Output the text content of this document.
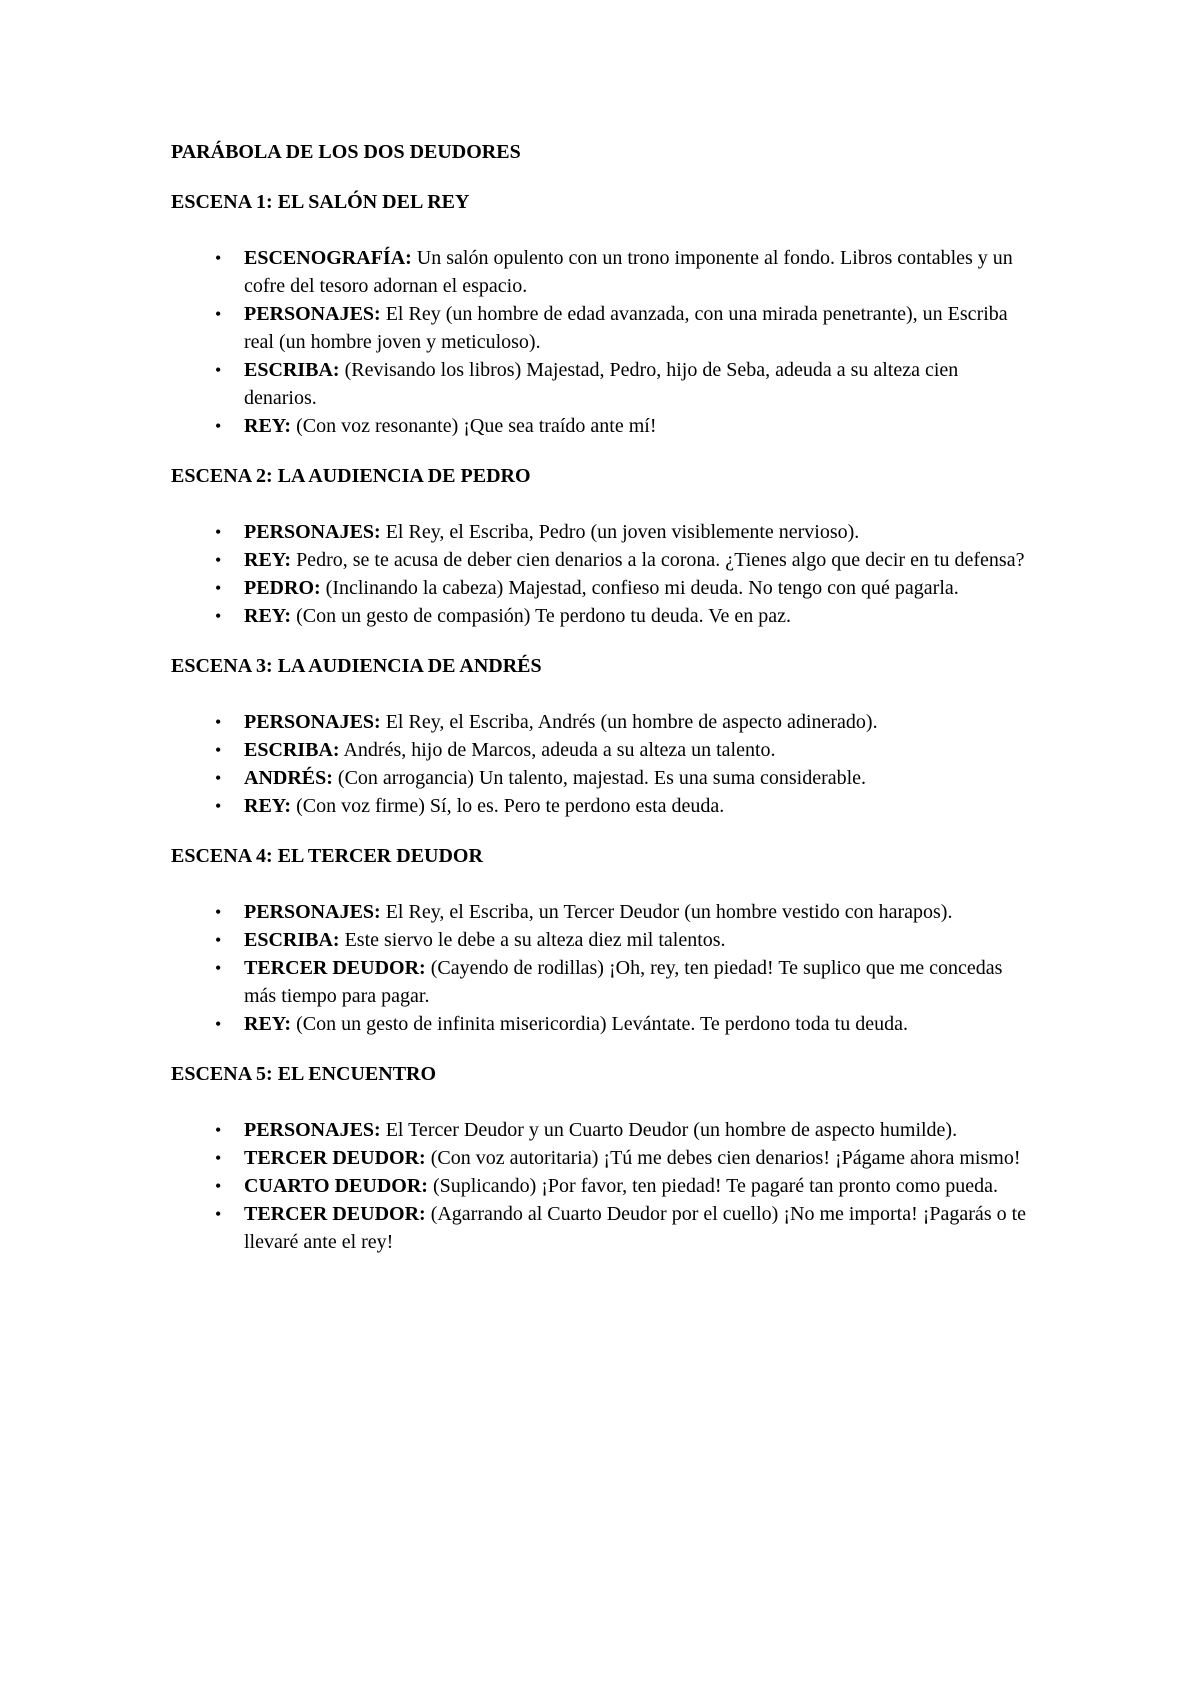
PARÁBOLA DE LOS DOS DEUDORES
ESCENA 1: EL SALÓN DEL REY
• ESCENOGRAFÍA: Un salón opulento con un trono imponente al fondo. Libros contables y un cofre del tesoro adornan el espacio.
• PERSONAJES: El Rey (un hombre de edad avanzada, con una mirada penetrante), un Escriba real (un hombre joven y meticuloso).
• ESCRIBA: (Revisando los libros) Majestad, Pedro, hijo de Seba, adeuda a su alteza cien denarios.
• REY: (Con voz resonante) ¡Que sea traído ante mí!
ESCENA 2: LA AUDIENCIA DE PEDRO
• PERSONAJES: El Rey, el Escriba, Pedro (un joven visiblemente nervioso).
• REY: Pedro, se te acusa de deber cien denarios a la corona. ¿Tienes algo que decir en tu defensa?
• PEDRO: (Inclinando la cabeza) Majestad, confieso mi deuda. No tengo con qué pagarla.
• REY: (Con un gesto de compasión) Te perdono tu deuda. Ve en paz.
ESCENA 3: LA AUDIENCIA DE ANDRÉS
• PERSONAJES: El Rey, el Escriba, Andrés (un hombre de aspecto adinerado).
• ESCRIBA: Andrés, hijo de Marcos, adeuda a su alteza un talento.
• ANDRÉS: (Con arrogancia) Un talento, majestad. Es una suma considerable.
• REY: (Con voz firme) Sí, lo es. Pero te perdono esta deuda.
ESCENA 4: EL TERCER DEUDOR
• PERSONAJES: El Rey, el Escriba, un Tercer Deudor (un hombre vestido con harapos).
• ESCRIBA: Este siervo le debe a su alteza diez mil talentos.
• TERCER DEUDOR: (Cayendo de rodillas) ¡Oh, rey, ten piedad! Te suplico que me concedas más tiempo para pagar.
• REY: (Con un gesto de infinita misericordia) Levántate. Te perdono toda tu deuda.
ESCENA 5: EL ENCUENTRO
• PERSONAJES: El Tercer Deudor y un Cuarto Deudor (un hombre de aspecto humilde).
• TERCER DEUDOR: (Con voz autoritaria) ¡Tú me debes cien denarios! ¡Págame ahora mismo!
• CUARTO DEUDOR: (Suplicando) ¡Por favor, ten piedad! Te pagaré tan pronto como pueda.
• TERCER DEUDOR: (Agarrando al Cuarto Deudor por el cuello) ¡No me importa! ¡Pagarás o te llevaré ante el rey!
